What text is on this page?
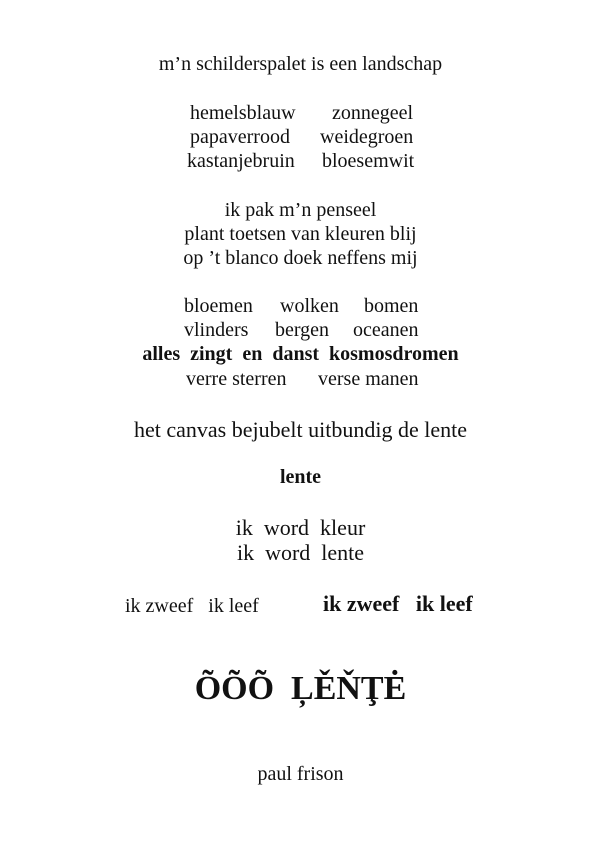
m’n schilderspalet is een landschap
hemelsblauw zonnegeel
papaverrood weidegroen
kastanjebruin bloesemwit
ik pak m’n penseel
plant toetsen van kleuren blij
op ’t blanco doek neffens mij
bloemen wolken bomen
vlinders bergen oceanen
alles  zingt  en  danst  kosmosdromen
verre sterren verse manen
het canvas bejubelt uitbundig de lente
lente
ik  word  kleur
ik  word  lente
ik zweef   ik leef	ik zweef   ik leef
ÕÕÕ  ĻĚŇŢĖ
paul frison
